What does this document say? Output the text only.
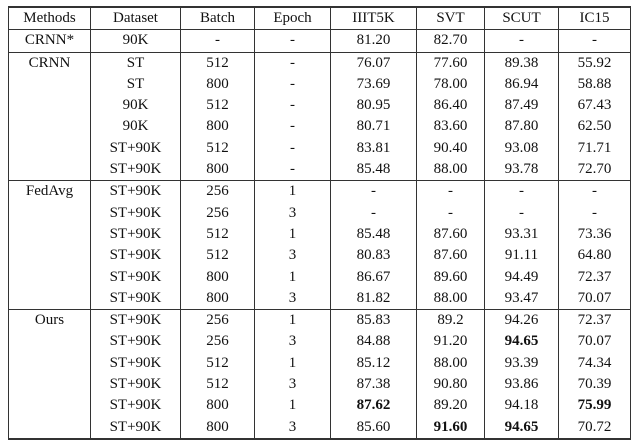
Methods	Dataset	Batch	Epoch	IIIT5K	SVT	SCUT	IC15
CRNN*	90K	-	-	81.20	82.70	-	-
CRNN	ST	512	-	76.07	77.60	89.38	55.92
	ST	800	-	73.69	78.00	86.94	58.88
	90K	512	-	80.95	86.40	87.49	67.43
	90K	800	-	80.71	83.60	87.80	62.50
	ST+90K	512	-	83.81	90.40	93.08	71.71
	ST+90K	800	-	85.48	88.00	93.78	72.70
FedAvg	ST+90K	256	1	-	-	-	-
	ST+90K	256	3	-	-	-	-
	ST+90K	512	1	85.48	87.60	93.31	73.36
	ST+90K	512	3	80.83	87.60	91.11	64.80
	ST+90K	800	1	86.67	89.60	94.49	72.37
	ST+90K	800	3	81.82	88.00	93.47	70.07
Ours	ST+90K	256	1	85.83	89.2	94.26	72.37
	ST+90K	256	3	84.88	91.20	94.65	70.07
	ST+90K	512	1	85.12	88.00	93.39	74.34
	ST+90K	512	3	87.38	90.80	93.86	70.39
	ST+90K	800	1	87.62	89.20	94.18	75.99
	ST+90K	800	3	85.60	91.60	94.65	70.72
